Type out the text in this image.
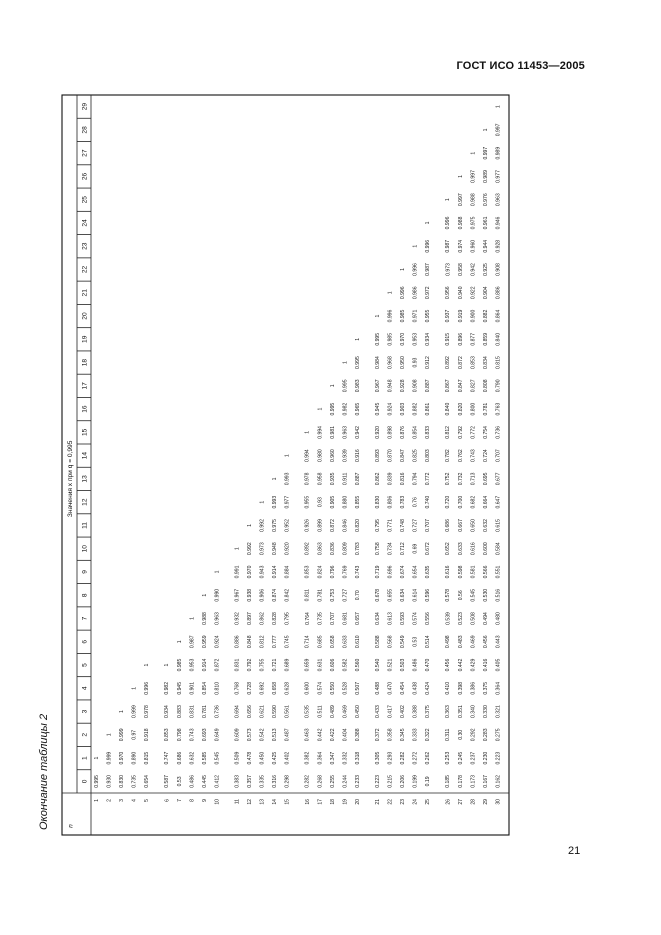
ГОСТ ИСО 11453—2005
Окончание таблицы 2
Значения x при q = 0,995
n
0
1
2
3
4
5
6
7
8
9
10
11
12
13
14
15
16
17
18
19
20
21
22
23
24
25
26
27
28
29
1
0.995
1
2
0.930
0.999
1
3
0.830
0.970
0.999
1
4
0.735
0.890
0.97
0.999
1
5
0.654
0.815
0.918
0.978
0.996
1
6
0.587
0.747
0.853
0.934
0.982
1
7
0.53
0.686
0.798
0.883
0.945
0.985
1
8
0.486
0.632
0.743
0.831
0.901
0.953
0.987
1
9
0.445
0.585
0.693
0.781
0.854
0.914
0.959
0.988
1
10
0.412
0.545
0.649
0.736
0.810
0.872
0.924
0.963
0.990
1
11
0.383
0.509
0.609
0.694
0.768
0.831
0.886
0.932
0.967
0.991
1
12
0.357
0.478
0.573
0.656
0.728
0.792
0.848
0.897
0.938
0.970
0.992
1
13
0.335
0.450
0.542
0.621
0.692
0.755
0.812
0.862
0.906
0.943
0.973
0.992
1
14
0.316
0.425
0.513
0.590
0.658
0.721
0.777
0.828
0.874
0.914
0.948
0.975
0.993
1
15
0.298
0.402
0.487
0.561
0.628
0.689
0.745
0.795
0.842
0.884
0.920
0.952
0.977
0.993
1
16
0.282
0.382
0.463
0.535
0.600
0.659
0.714
0.764
0.811
0.853
0.892
0.926
0.955
0.978
0.994
1
17
0.268
0.364
0.442
0.511
0.574
0.631
0.685
0.735
0.781
0.824
0.863
0.899
0.93
0.958
0.980
0.994
1
18
0.255
0.347
0.422
0.489
0.550
0.606
0.658
0.707
0.753
0.796
0.836
0.872
0.905
0.935
0.960
0.981
0.995
1
19
0.244
0.332
0.404
0.469
0.528
0.582
0.633
0.681
0.727
0.769
0.809
0.846
0.880
0.911
0.939
0.963
0.982
0.995
1
20
0.233
0.318
0.388
0.450
0.507
0.560
0.610
0.657
0.70
0.743
0.783
0.820
0.855
0.887
0.916
0.942
0.965
0.983
0.995
1
21
0.223
0.305
0.372
0.433
0.488
0.540
0.588
0.634
0.678
0.719
0.758
0.795
0.830
0.862
0.893
0.920
0.945
0.967
0.984
0.995
1
22
0.215
0.293
0.358
0.417
0.470
0.521
0.568
0.613
0.655
0.696
0.734
0.771
0.806
0.839
0.870
0.898
0.924
0.948
0.968
0.985
0.996
1
23
0.206
0.282
0.345
0.402
0.454
0.503
0.549
0.593
0.634
0.674
0.712
0.748
0.783
0.816
0.847
0.876
0.903
0.928
0.950
0.970
0.985
0.996
1
24
0.199
0.272
0.333
0.388
0.438
0.486
0.53
0.574
0.614
0.654
0.69
0.727
0.76
0.794
0.825
0.854
0.882
0.908
0.93
0.953
0.971
0.986
0.996
1
25
0.19
0.262
0.322
0.375
0.424
0.470
0.514
0.556
0.596
0.635
0.672
0.707
0.740
0.772
0.803
0.833
0.861
0.887
0.912
0.934
0.955
0.972
0.987
0.996
1
26
0.185
0.253
0.311
0.363
0.410
0.456
0.498
0.539
0.578
0.616
0.652
0.686
0.720
0.752
0.782
0.812
0.840
0.867
0.892
0.915
0.937
0.956
0.973
0.987
0.996
1
27
0.178
0.245
0.30
0.351
0.398
0.442
0.483
0.523
0.56
0.598
0.633
0.667
0.700
0.732
0.762
0.792
0.820
0.847
0.872
0.896
0.919
0.940
0.958
0.974
0.988
0.997
1
28
0.173
0.237
0.292
0.340
0.386
0.429
0.469
0.508
0.545
0.581
0.616
0.650
0.682
0.713
0.743
0.772
0.800
0.827
0.853
0.877
0.900
0.922
0.942
0.960
0.975
0.988
0.997
1
29
0.167
0.230
0.283
0.330
0.375
0.416
0.456
0.494
0.530
0.566
0.600
0.632
0.664
0.695
0.724
0.754
0.781
0.808
0.834
0.859
0.882
0.904
0.925
0.944
0.961
0.976
0.989
0.997
1
30
0.162
0.223
0.275
0.321
0.364
0.405
0.443
0.480
0.516
0.551
0.584
0.615
0.647
0.677
0.707
0.736
0.763
0.790
0.815
0.840
0.864
0.886
0.908
0.928
0.946
0.963
0.977
0.989
0.997
1
21
